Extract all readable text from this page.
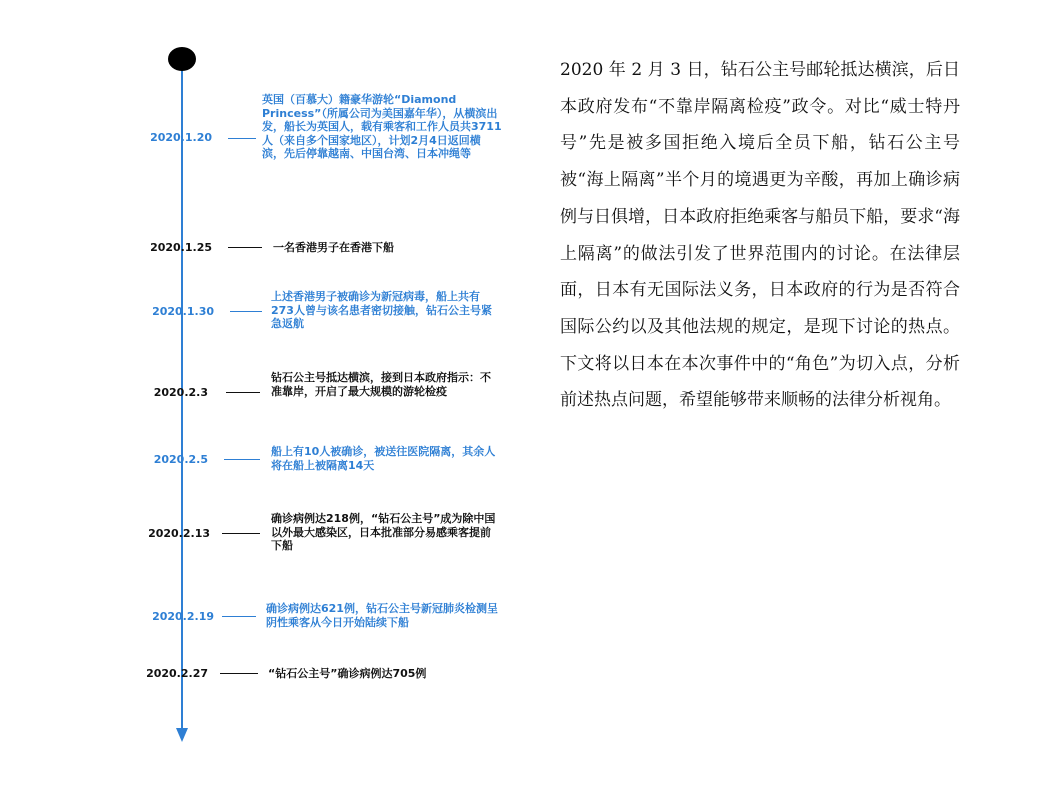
2020.1.20
英国（百慕大）籍豪华游轮“Diamond Princess”（所属公司为美国嘉年华），从横滨出发，船长为英国人，载有乘客和工作人员共3711人（来自多个国家地区），计划2月4日返回横滨，先后停靠越南、中国台湾、日本冲绳等
2020.1.25	一名香港男子在香港下船
2020.1.30
上述香港男子被确诊为新冠病毒，船上共有273人曾与该名患者密切接触，钻石公主号紧急返航
2020.2.3
钻石公主号抵达横滨，接到日本政府指示：不准靠岸，开启了最大规模的游轮检疫
2020.2.5
船上有10人被确诊，被送往医院隔离，其余人将在船上被隔离14天
2020.2.13
确诊病例达218例，“钻石公主号”成为除中国以外最大感染区，日本批准部分易感乘客提前下船
2020.2.19
确诊病例达621例，钻石公主号新冠肺炎检测呈阴性乘客从今日开始陆续下船
2020.2.27	“钻石公主号”确诊病例达705例
2020 年 2 月 3 日，钻石公主号邮轮抵达横滨，后日本政府发布“不靠岸隔离检疫”政令。对比“威士特丹号”先是被多国拒绝入境后全员下船，钻石公主号被“海上隔离”半个月的境遇更为辛酸，再加上确诊病例与日俱增，日本政府拒绝乘客与船员下船，要求“海上隔离”的做法引发了世界范围内的讨论。在法律层面，日本有无国际法义务，日本政府的行为是否符合国际公约以及其他法规的规定，是现下讨论的热点。下文将以日本在本次事件中的“角色”为切入点，分析前述热点问题，希望能够带来顺畅的法律分析视角。
